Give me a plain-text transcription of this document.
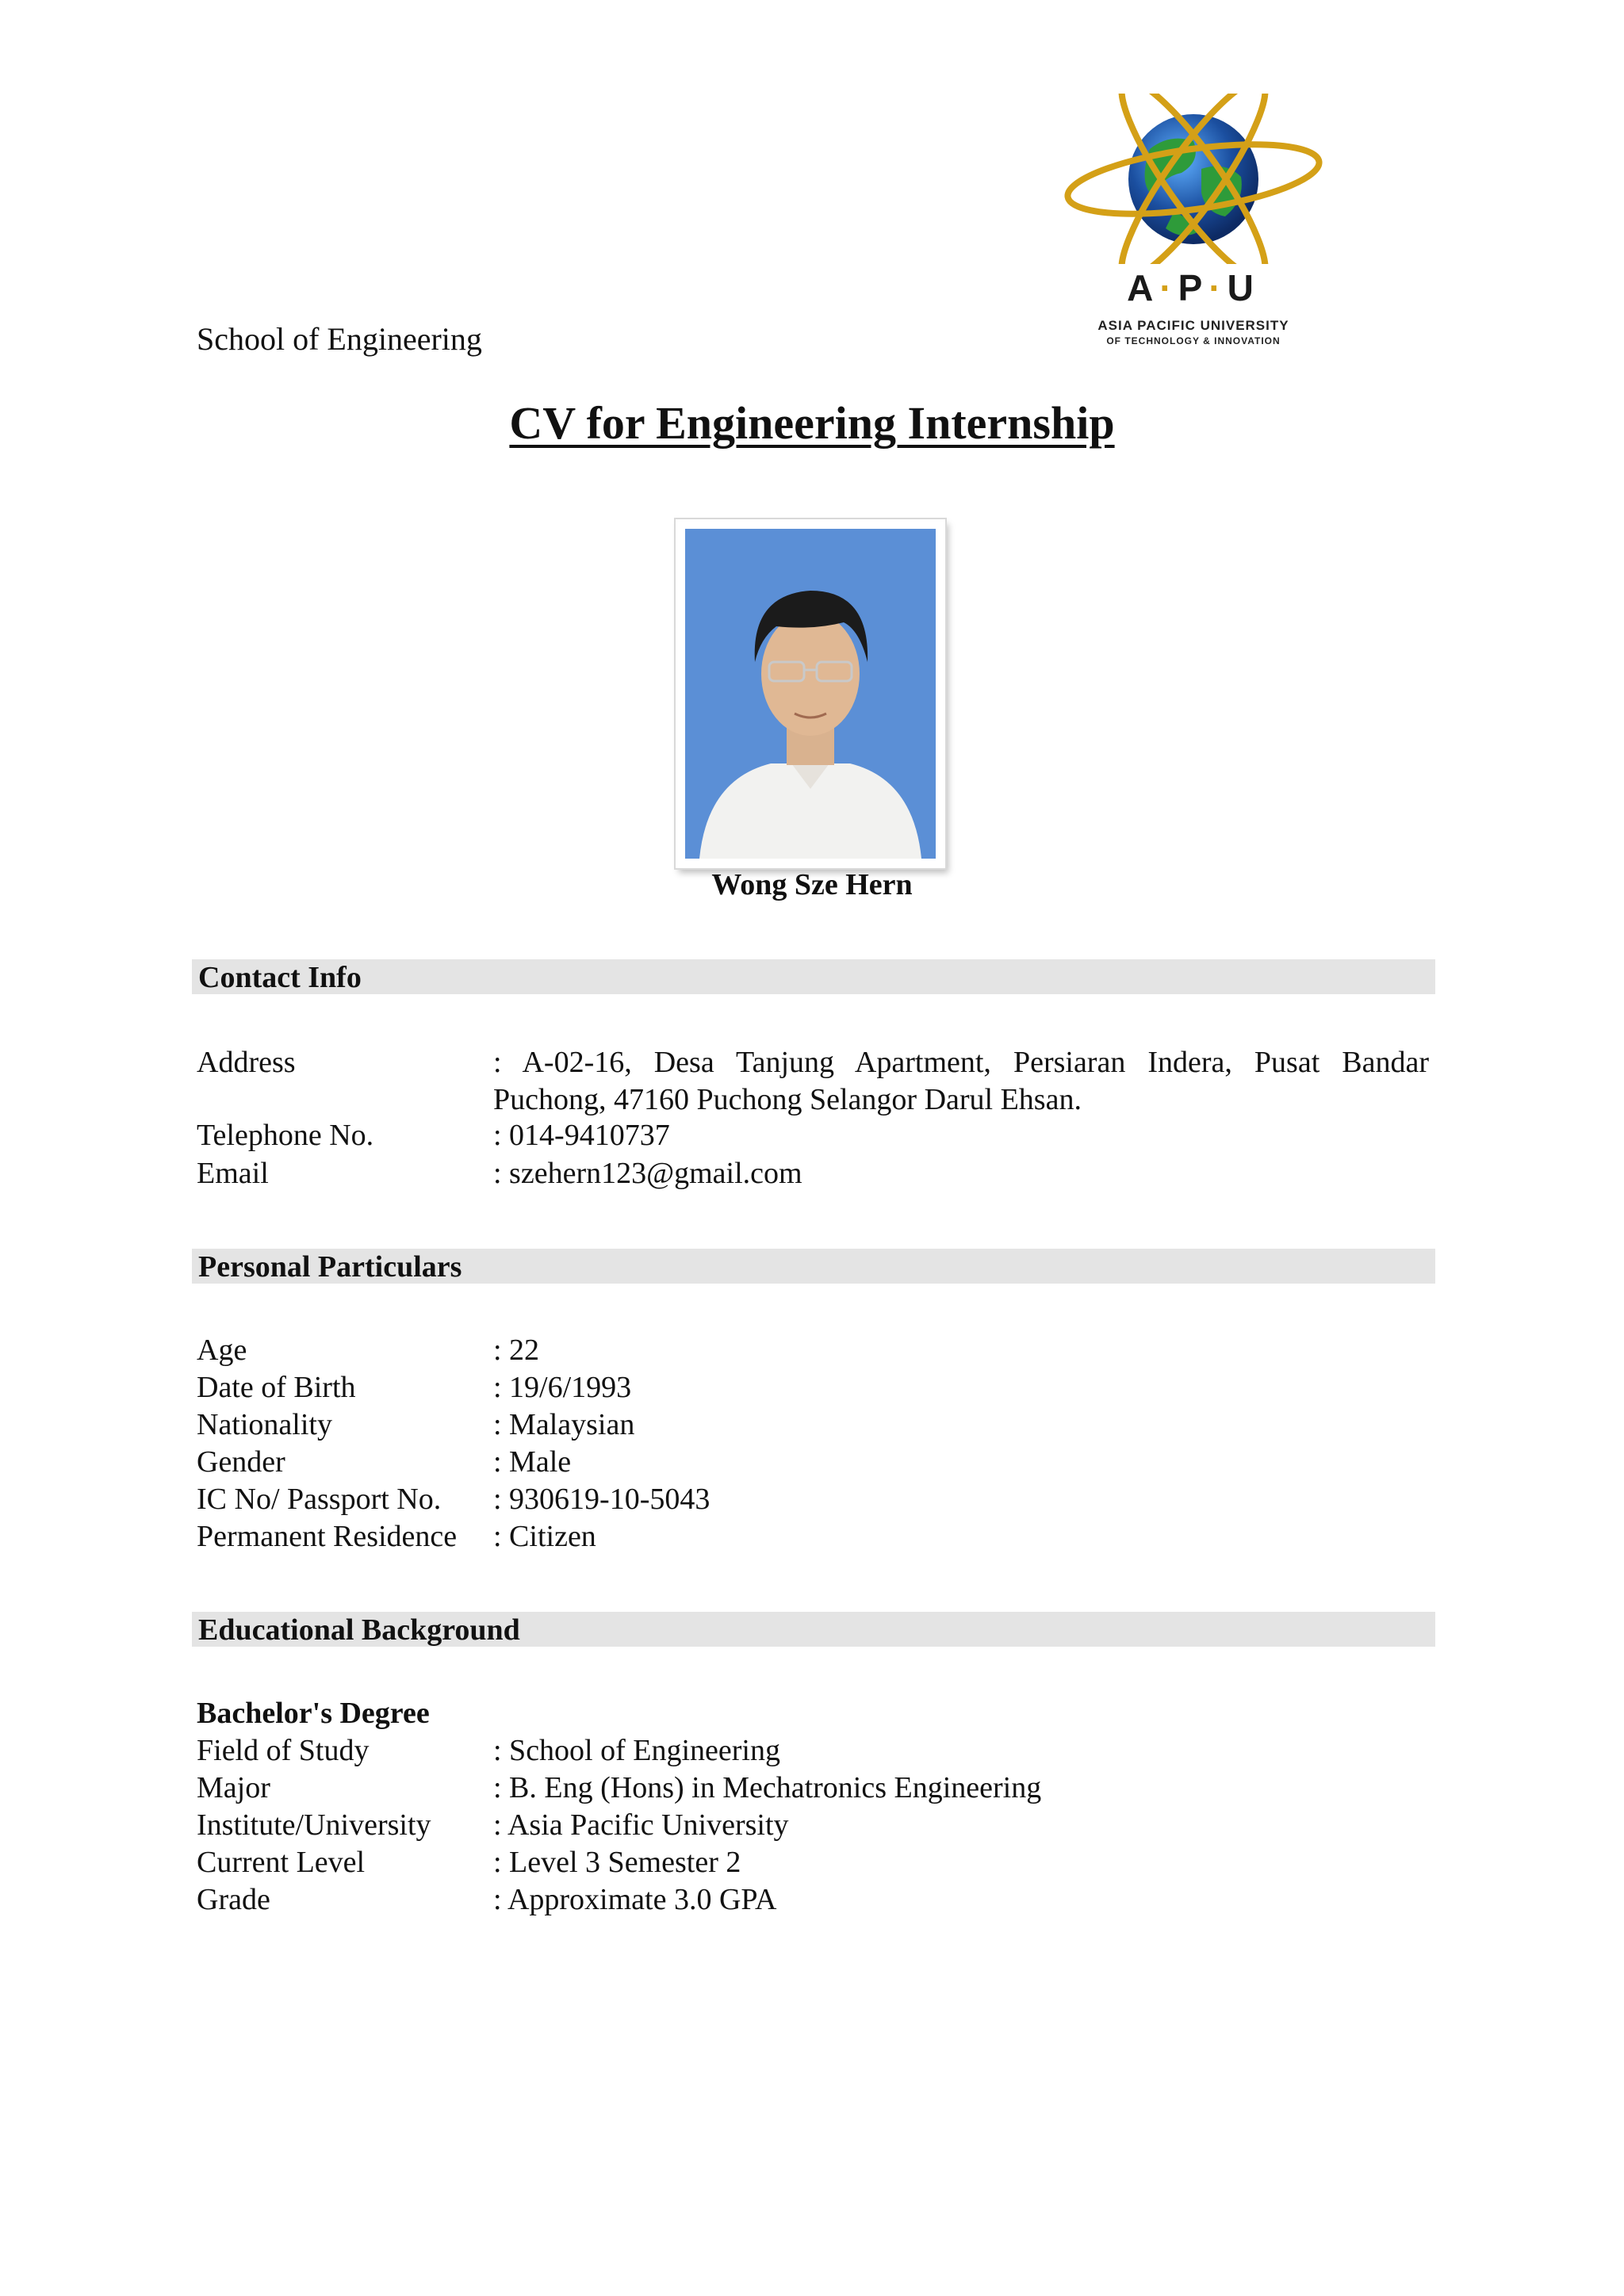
A·P·U
ASIA PACIFIC UNIVERSITY
OF TECHNOLOGY & INNOVATION
School of Engineering
CV for Engineering Internship
Wong Sze Hern
Contact Info
Address	: A-02-16, Desa Tanjung Apartment, Persiaran Indera, Pusat Bandar Puchong, 47160 Puchong Selangor Darul Ehsan.
Telephone No.	: 014-9410737
Email	: szehern123@gmail.com
Personal Particulars
Age	: 22
Date of Birth	: 19/6/1993
Nationality	: Malaysian
Gender	: Male
IC No/ Passport No. : 930619-10-5043
Permanent Residence : Citizen
Educational Background
Bachelor's Degree
Field of Study	: School of Engineering
Major	: B. Eng (Hons) in Mechatronics Engineering
Institute/University : Asia Pacific University
Current Level	: Level 3 Semester 2
Grade	: Approximate 3.0 GPA
